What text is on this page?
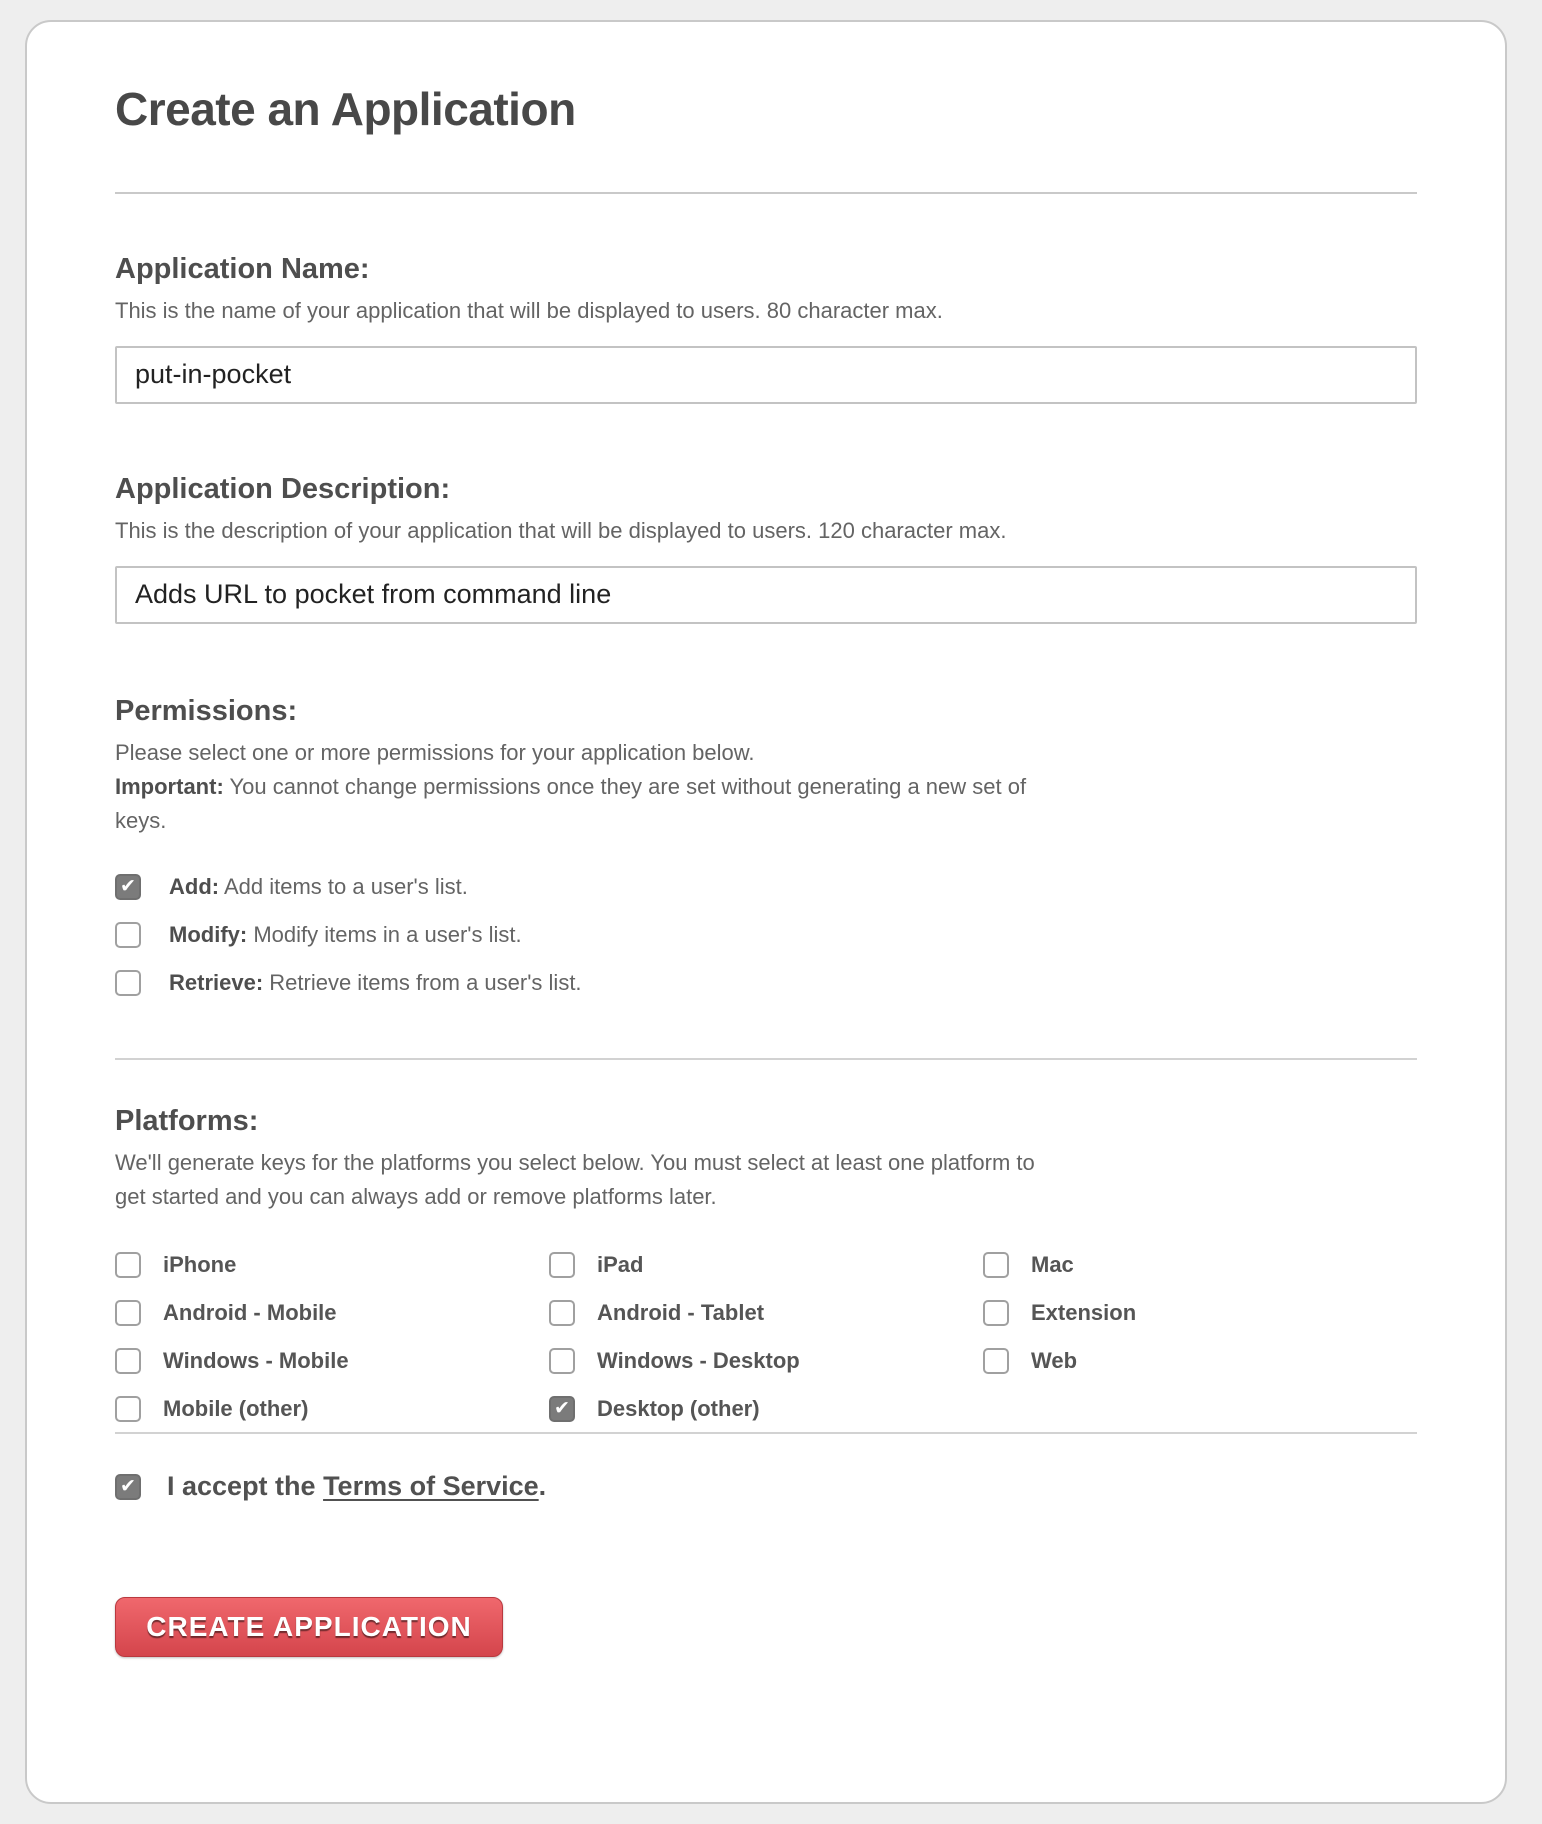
Create an Application
Application Name:

This is the name of your application that will be displayed to users. 80 character max.

put-in-pocket
Application Description:

This is the description of your application that will be displayed to users. 120 character max.

Adds URL to pocket from command line
Permissions:

Please select one or more permissions for your application below.
Important: You cannot change permissions once they are set without generating a new set of keys.

✔
Add: Add items to a user's list.
Modify: Modify items in a user's list.
Retrieve: Retrieve items from a user's list.
Platforms:

We'll generate keys for the platforms you select below. You must select at least one platform to get started and you can always add or remove platforms later.

iPhone	iPad	Mac
Android - Mobile	Android - Tablet	Extension
Windows - Mobile	Windows - Desktop	Web
Mobile (other) ✔	Desktop (other)
✔
I accept the Terms of Service.
CREATE APPLICATION
